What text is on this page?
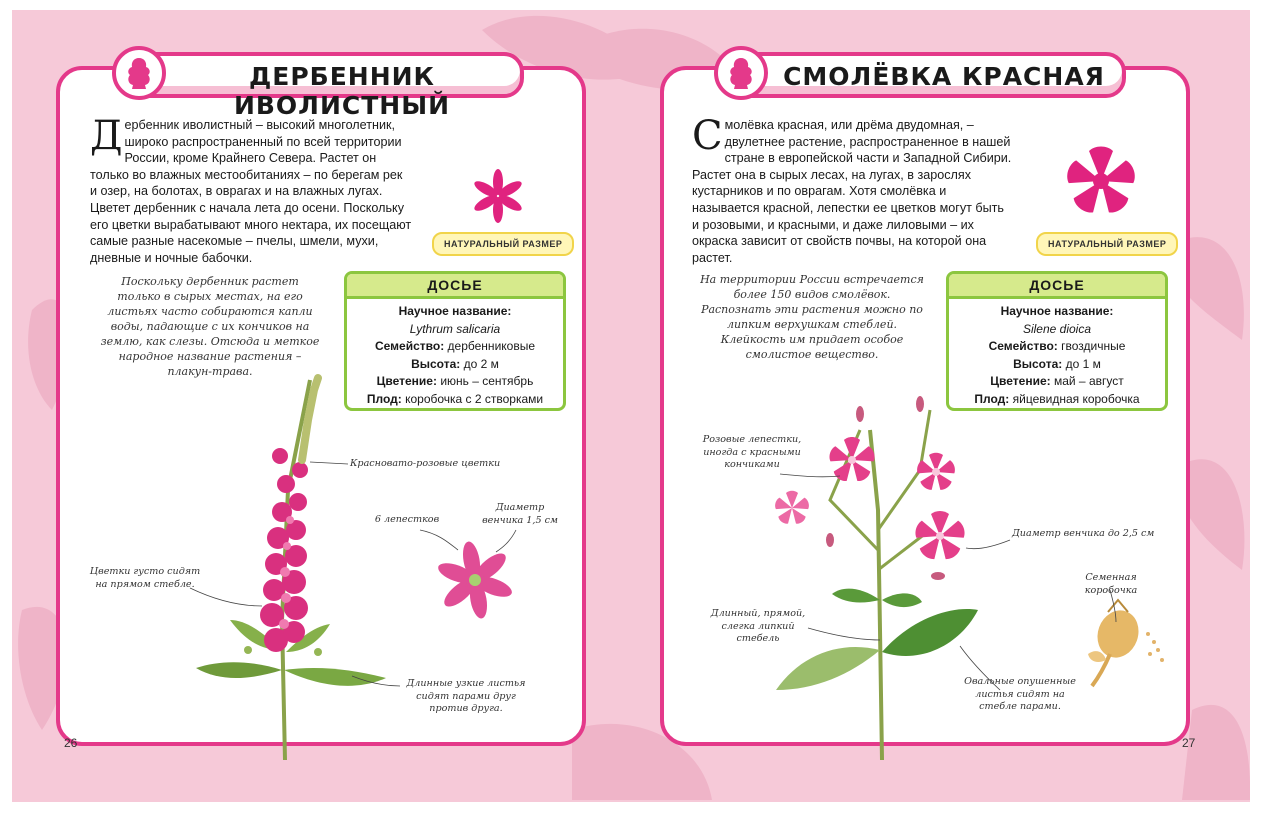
ДЕРБЕННИК ИВОЛИСТНЫЙ

Дербенник иволистный – высокий многолетник, широко распространенный по всей территории России, кроме Крайнего Севера. Растет он только во влажных местообитаниях – по берегам рек и озер, на болотах, в оврагах и на влажных лугах. Цветет дербенник с начала лета до осени. Поскольку его цветки вырабатывают много нектара, их посещают самые разные насекомые – пчелы, шмели, мухи, дневные и ночные бабочки.

НАТУРАЛЬНЫЙ РАЗМЕР
ДОСЬЕ
Научное название:
Lythrum salicaria
Семейство: дербенниковые
Высота: до 2 м
Цветение: июнь – сентябрь
Плод: коробочка с 2 створками

Поскольку дербенник растет только в сырых местах, на его листьях часто собираются капли воды, падающие с их кончиков на землю, как слезы. Отсюда и меткое народное название растения – плакун-трава.

Красновато-розовые цветки

6 лепестков

Диаметр венчика 1,5 см

Цветки густо сидят на прямом стебле.

Длинные узкие листья сидят парами друг против друга.

26
СМОЛЁВКА КРАСНАЯ

Смолёвка красная, или дрёма двудомная, – двулетнее растение, распространенное в нашей стране в европейской части и Западной Сибири. Растет она в сырых лесах, на лугах, в зарослях кустарников и по оврагам. Хотя смолёвка и называется красной, лепестки ее цветков могут быть и розовыми, и красными, и даже лиловыми – их окраска зависит от свойств почвы, на которой она растет.

НАТУРАЛЬНЫЙ РАЗМЕР
ДОСЬЕ
Научное название:
Silene dioica
Семейство: гвоздичные
Высота: до 1 м
Цветение: май – август
Плод: яйцевидная коробочка

На территории России встречается более 150 видов смолёвок. Распознать эти растения можно по липким верхушкам стеблей. Клейкость им придает особое смолистое вещество.

Розовые лепестки, иногда с красными кончиками

Диаметр венчика до 2,5 см

Семенная коробочка

Длинный, прямой, слегка липкий стебель

Овальные опушенные листья сидят на стебле парами.

27
